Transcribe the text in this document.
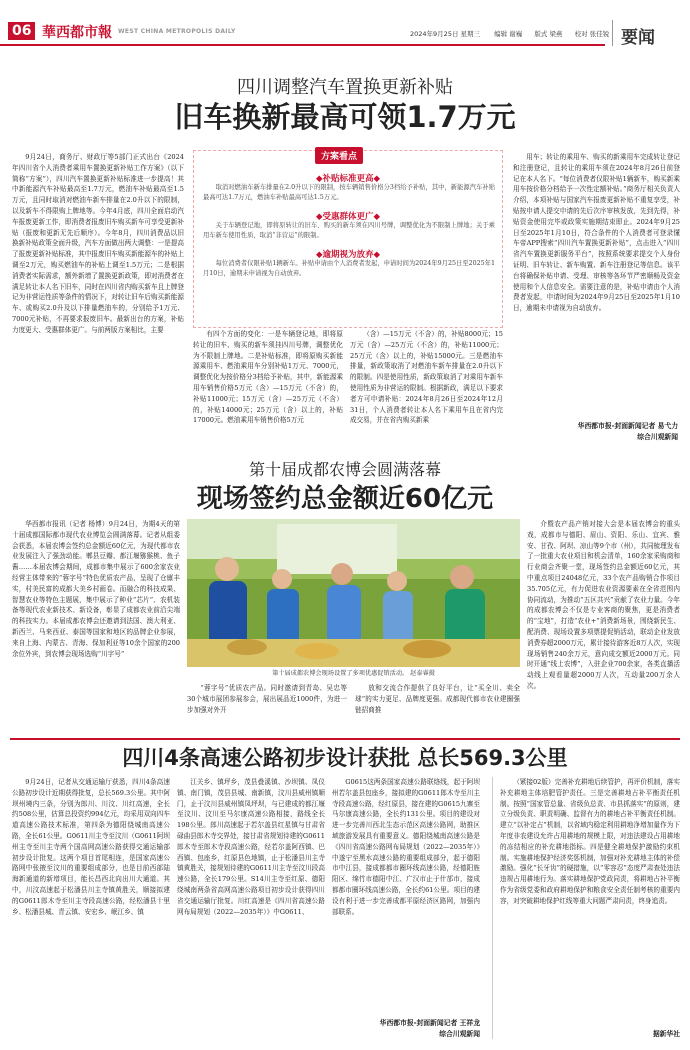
06 華西都市報 WEST CHINA METROPOLIS DAILY	2024年9月25日 星期三 编辑 谢巍 版式 梁燕 校对 张佳锐 要闻
四川调整汽车置换更新补贴
旧车换新最高可领1.7万元
9月24日，商务厅、财政厅等5部门正式出台《2024年四川省个人消费者乘用车置换更新补贴工作方案》（以下简称“方案”），四川汽车置换更新补贴标准进一步提高！其中新能源汽车补贴最高至1.7万元，燃油车补贴最高至1.5万元，且同时取消对燃油车新车排量在2.0升以下的限制，以及新车不得限购上牌地等。今年4月底，四川全面启动汽车报废更新工作，即消费者报废旧车购买新车可享受更新补贴（报废和更新无先后顺序）。今年8月，四川消费品以旧换新补贴政策全面升级，汽车方面做出两大调整：一是提高了报废更新补贴标准，其中报废旧车购买新能源车的补贴上调至2万元，购买燃油车的补贴上调至1.5万元；二是根据消费者实际需求，额外新增了置换更新政策，即对消费者在满足转让本人名下旧车，同时在四川省内购买新车且上牌登记为非营运性质等条件的情况下，对转让旧车后购买新能源车、或购买2.0升及以下排量燃油车的，分别给予1万元、7000元补贴，不再要求报废旧车。最新出台的方案，补贴力度更大、受惠群体更广。与前两版方案相比，主要
方案看点
◆补贴标准更高◆
取消对燃油车新车排量在2.0升以下的限制，按车辆销售价格分3档给予补贴，其中，新能源汽车补贴最高可达1.7万元，燃油车补贴最高可达1.5万元。
◆受惠群体更广◆
关于车辆登记地，即将原转让的旧车、购买的新车须在四川号牌，调整优化为不限制上牌地；关于乘用车新车使用性质，取消“非营运”的限制。
◆逾期视为放弃◆
每位消费者仅限补贴1辆新车。补贴申请由个人消费者发起，申请时间为2024年9月25日至2025年1月10日，逾期未申请视为自动放弃。
有四个方面的变化：一是车辆登记地，即将原转让的旧车、购买的新车须挂四川号牌，调整优化为不限制上牌地。二是补贴标准，即将原购买新能源乘用车、燃油乘用车分别补贴1万元、7000元，调整优化为按价格分3档给予补贴，其中，新能源乘用车销售价格5万元（含）—15万元（不含）的，补贴11000元；15万元（含）—25万元（不含）的，补贴14000元；25万元（含）以上的，补贴17000元。燃油乘用车销售价格5万元
（含）—15万元（不含）的，补贴8000元；15万元（含）—25万元（不含）的，补贴11000元；25万元（含）以上的，补贴15000元。三是燃油车排量，新政策取消了对燃油车新车排量在2.0升以下的限制。四是使用性质，新政策取消了对乘用车新车使用性质为非营运的限制。根据新政，满足以下要求者方可申请补贴：2024年8月26日至2024年12月31日，个人消费者转让本人名下乘用车且在省内完成交易，并在省内购买新乘
用车；转让的乘用车、购买的新乘用车完成转让登记和注册登记，且转让的乘用车须在2024年8月26日前登记在本人名下。“每位消费者仅限补贴1辆新车，购买新乘用车按价格分档给予一次性定额补贴。”商务厅相关负责人介绍，本项补贴与国家汽车报废更新补贴不重复享受，补贴按申请人提交申请的先后次序审核发放，先到先得，补贴资金使用完毕或政策实施期结束即止。2024年9月25日至2025年1月10日，符合条件的个人消费者可登录懂车帝APP搜索“四川汽车置换更新补贴”，点击进入“四川省汽车置换更新服务平台”，按照系统要求提交个人身份证明、旧车转让、新车购置、新车注册登记等信息。该平台将确保补贴申请、受理、审核等各环节严密顺畅及资金使用和个人信息安全。需要注意的是，补贴申请由个人消费者发起，申请时间为2024年9月25日至2025年1月10日，逾期未申请视为自动放弃。
华西都市报-封面新闻记者 易弋力
综合川观新闻
第十届成都农博会圆满落幕
现场签约总金额近60亿元
华西都市报讯（记者 杨博）9月24日，为期4天的第十届成都国际都市现代农业博览会圆满落幕。记者从组委会获悉，本届农博会签约总金额近60亿元，为现代都市农业发展注入了强劲动能。郫县豆瓣、都江堰猕猴桃、鱼子酱……本届农博会期间，成都市集中展示了600余家农业经营主体带来的“蓉字号”特色优质农产品，呈现了仓廪丰实，村美民富的成都大美乡村画卷。而融合的科技成果、智慧农业等特色主题展，集中展示了种业“芯片”、农机装备等现代农业新技术、新设备，彰显了成都农业前沿尖端的科技实力。本届成都农博会还邀请到法国、澳大利亚、新西兰、马来西亚、泰国等国家和地区的品牌企业参展，来自上海、内蒙古、青海、保加利亚等10余个国家的200余位外宾，到农博会现场选购“川字号”
第十届成都农博会现场设置了多项优惠促销活动。 赵泰睿摄
“蓉字号”优质农产品。同时邀请到青岛、吴忠等30个城市展团参展参会，展出展品近1000件，为进一步加强对外开
放和交流合作提供了良好平台，让“买全川、卖全球”的实力更足、品牌度更强。成都现代都市农业建圈强链招商推
介暨农产品产销对接大会是本届农博会的重头戏，成都市与德阳、眉山、资阳、乐山、宜宾、雅安、甘孜、阿坝、凉山等9个市（州），共同梳理发布了一批重大农业项目和机会清单，160余家采购商和行业商会齐聚一堂，现场签约总金额近60亿元，其中重点项目24048亿元，33个农产品购销合作项目35.705亿元，有力促进农业资源要素在全省范围内协同流动，为推动“五区共兴”贡献了农业力量。今年的成都农博会不仅是专业客商的聚焦，更是消费者的“宝地”，打造“农业+”消费新场景，围绕新民生、配消费、现场设置多项票提促销活动，联动企业发放消费券超2000万元，累计接待游客近8万人次，实现现场销售240余万元，意向成交额近2000万元。同时开通“线上农博”，入驻企业700余家，各类直播活动线上观看量超2000万人次，互动量200万余人次。
四川4条高速公路初步设计获批 总长569.3公里
9月24日，记者从交通运输厅获悉，四川4条高速公路初步设计近期获得批复，总长569.3公里。其中阿坝州境内三条，分别为郎川、川汶、川红高速，全长约508公里，估算总投资约994亿元，均采用双向四车道高速公路技术标准，第四条为德阳绕城南高速公路，全长61公里。G0611川主寺至汶川（G0611阿坝州主寺至川主寺两个国高网高速公路获得交通运输部初步设计批复。这两个项目首尾相连，是国家高速公路网中张掖至汶川的重要组成部分，也是目前西部陆海新通道的新增项目，能长昌西北向出川大通道。其中，川汶高速起于松潘县川主寺镇黄胜关，顺接拟建的G0611郎木寺至川主寺段高速公路，经松潘县十里乡、松潘县城、青云镇、安宏乡、岷江乡、镇
江关乡、镇坪乡，茂县叠溪镇、沙坝镇、凤仪镇、南门镇，茂县县城、南新镇，汶川县威州镇顺门，止于汶川县威州镇凤坪坝，与已建成的都江堰至汶川、汶川至马尔康高速公路相接，路线全长198公里。郎川高速起于若尔盖县红星镇与甘肃省碌曲县郎木寺交界处，接甘肃省规划待建的G0611郎木寺至郎木寺段高速公路，经若尔盖阿西镇、巴西镇、包座乡，红原县色地镇，止于松潘县川主寺镇黄胜关，接规划待建的G0611川主寺至汶川段高速公路，全长179公里。S14川主寺至红原、德阳绕城南两条省高网高速公路项目初步设计获得四川省交通运输厅批复。川红高速是《四川省高速公路网布局规划（2022—2035年）》中G0611、
G0615这两条国家高速公路联络线，起于阿坝州若尔盖县包座乡，接拟建的G0611郎木寺至川主寺段高速公路，经红原县，接在建的G0615九寨至马尔康高速公路，全长约131公里。项目的建设对进一步完善川西北生态示范区高速公路网，助推区域旅游发展具有重要意义。德阳绕城南高速公路是《四川省高速公路网布局规划（2022—2035年）》中遂宁至黑水高速公路的重要组成部分，起于德阳市中江县，接成都都市圈环线高速公路，经德阳旌阳区、绵竹市德阳中江、广汉市止于什邡市，接成都都市圈环线高速公路，全长约61公里。项目的建设有利于进一步完善成都平原经济区路网，加强内部联系。
华西都市报-封面新闻记者 王祥龙
综合川观新闻
（紧接02版）完善补充耕地后续管护，再评价机制，落实补充耕地主体培肥管护责任。三是完善耕地占补平衡责任机制。按照“国家管总量、省级负总责、市县抓落实”的原则，建立分级负责、职责明确、监督有力的耕地占补平衡责任机制。建立“以补定占”机制，以省域内稳定利用耕地净增加量作为下年度非农建设允许占用耕地的规模上限，对违法建设占用耕地的冻结相应的补充耕地指标。四是健全耕地保护激励约束机制。实施耕地保护经济奖惩机制，加强对补充耕地主体的补偿激励。强化“长牙齿”的硬措施，以“零容忍”态度严肃查处违法违规占用耕地行为。落实耕地保护党政同责，将耕地占补平衡作为省级党委和政府耕地保护和粮食安全责任制考核的重要内容，对突破耕地保护红线等重大问题严肃问责，终身追责。
据新华社
